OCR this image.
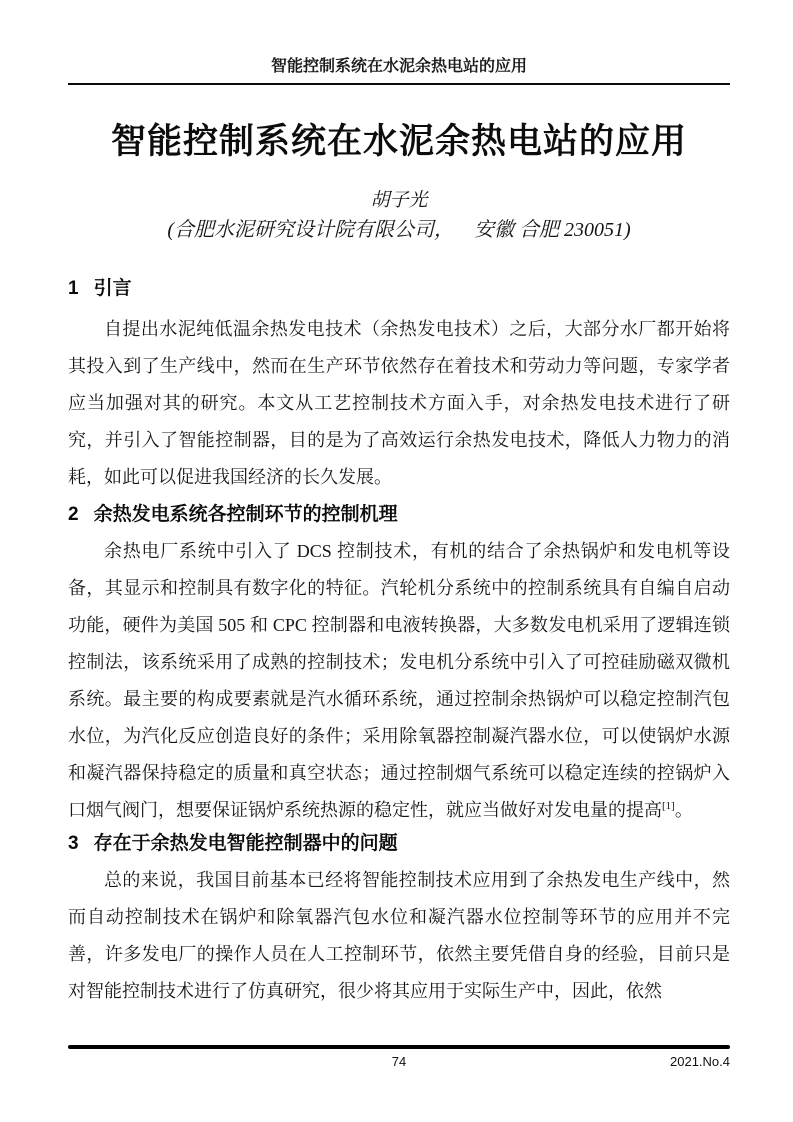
智能控制系统在水泥余热电站的应用
智能控制系统在水泥余热电站的应用
胡子光
(合肥水泥研究设计院有限公司， 安徽 合肥 230051)
1 引言

自提出水泥纯低温余热发电技术（余热发电技术）之后，大部分水厂都开始将其投入到了生产线中，然而在生产环节依然存在着技术和劳动力等问题，专家学者应当加强对其的研究。本文从工艺控制技术方面入手，对余热发电技术进行了研究，并引入了智能控制器，目的是为了高效运行余热发电技术，降低人力物力的消耗，如此可以促进我国经济的长久发展。

2 余热发电系统各控制环节的控制机理

余热电厂系统中引入了 DCS 控制技术，有机的结合了余热锅炉和发电机等设备，其显示和控制具有数字化的特征。汽轮机分系统中的控制系统具有自编自启动功能，硬件为美国 505 和 CPC 控制器和电液转换器，大多数发电机采用了逻辑连锁控制法，该系统采用了成熟的控制技术；发电机分系统中引入了可控硅励磁双微机系统。最主要的构成要素就是汽水循环系统，通过控制余热锅炉可以稳定控制汽包水位，为汽化反应创造良好的条件；采用除氧器控制凝汽器水位，可以使锅炉水源和凝汽器保持稳定的质量和真空状态；通过控制烟气系统可以稳定连续的控锅炉入口烟气阀门，想要保证锅炉系统热源的稳定性，就应当做好对发电量的提高[1]。

3 存在于余热发电智能控制器中的问题

总的来说，我国目前基本已经将智能控制技术应用到了余热发电生产线中，然而自动控制技术在锅炉和除氧器汽包水位和凝汽器水位控制等环节的应用并不完善，许多发电厂的操作人员在人工控制环节，依然主要凭借自身的经验，目前只是对智能控制技术进行了仿真研究，很少将其应用于实际生产中，因此，依然

74	2021.No.4
